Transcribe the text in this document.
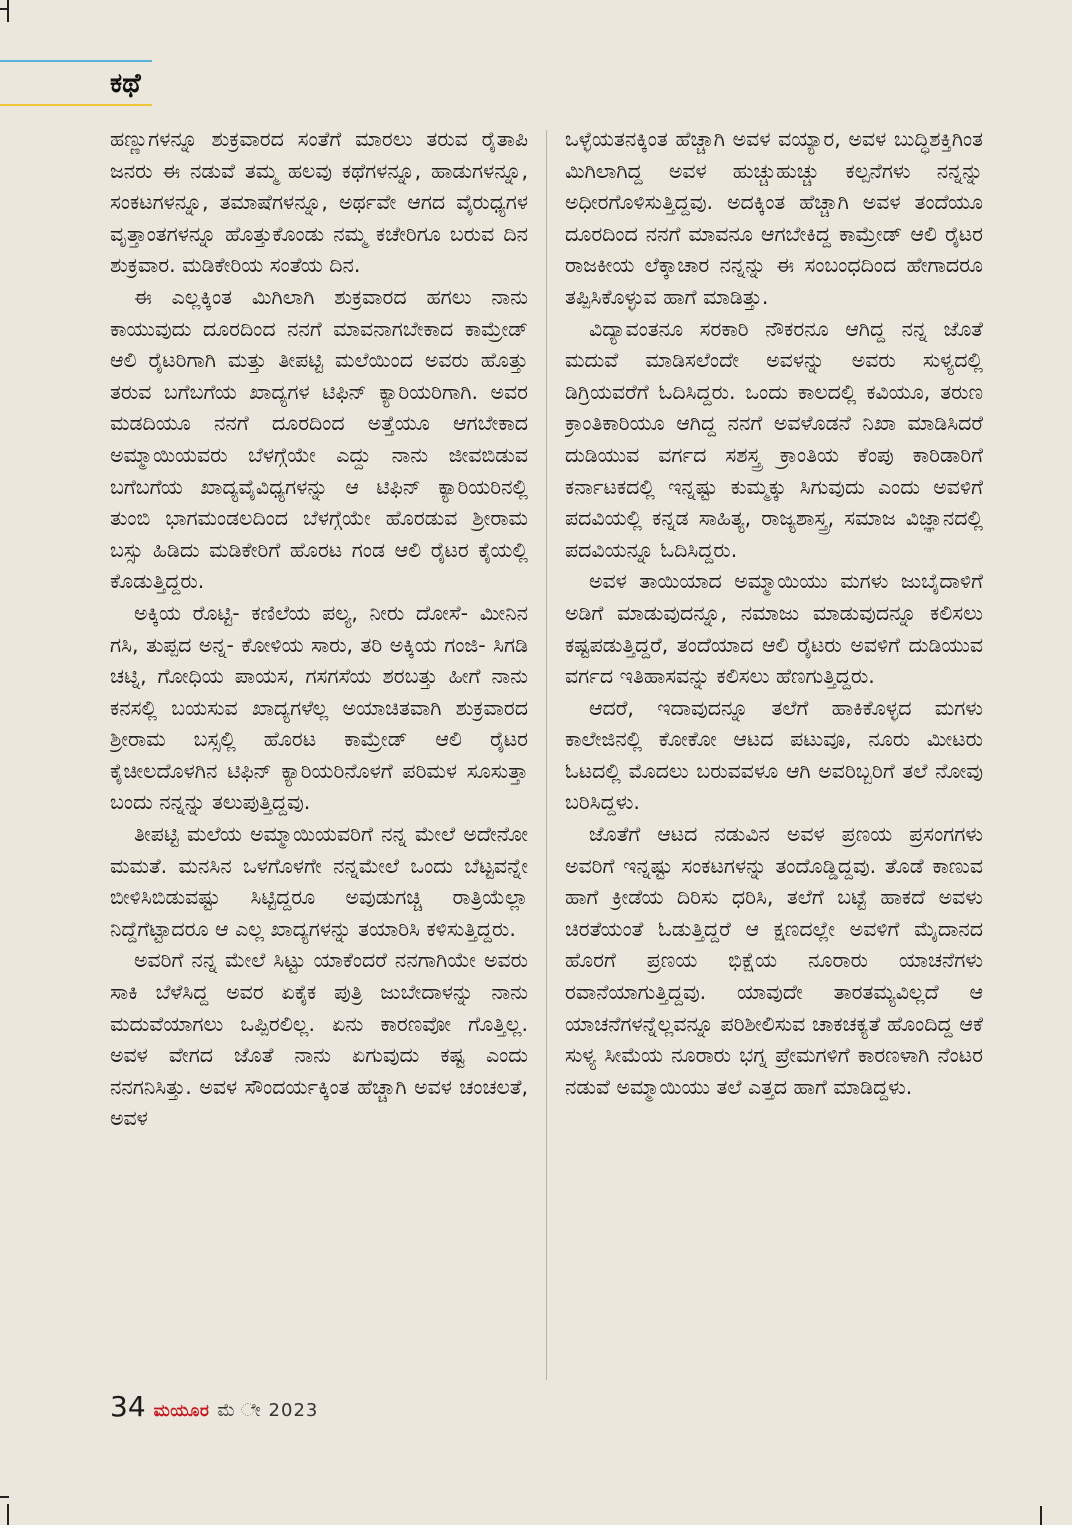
ಕಥೆ

ಹಣ್ಣುಗಳನ್ನೂ ಶುಕ್ರವಾರದ ಸಂತೆಗೆ ಮಾರಲು ತರುವ ರೈತಾಪಿ ಜನರು ಈ ನಡುವೆ ತಮ್ಮ ಹಲವು ಕಥೆಗಳನ್ನೂ, ಹಾಡುಗಳನ್ನೂ, ಸಂಕಟಗಳನ್ನೂ, ತಮಾಷೆಗಳನ್ನೂ, ಅರ್ಥವೇ ಆಗದ ವೈರುಧ್ಯಗಳ ವೃತ್ತಾಂತಗಳನ್ನೂ ಹೊತ್ತುಕೊಂಡು ನಮ್ಮ ಕಚೇರಿಗೂ ಬರುವ ದಿನ ಶುಕ್ರವಾರ. ಮಡಿಕೇರಿಯ ಸಂತೆಯ ದಿನ.

ಈ ಎಲ್ಲಕ್ಕಿಂತ ಮಿಗಿಲಾಗಿ ಶುಕ್ರವಾರದ ಹಗಲು ನಾನು ಕಾಯುವುದು ದೂರದಿಂದ ನನಗೆ ಮಾವನಾಗಬೇಕಾದ ಕಾಮ್ರೇಡ್ ಆಲಿ ರೈಟರಿಗಾಗಿ ಮತ್ತು ತೀಪಟ್ಟಿ ಮಲೆಯಿಂದ ಅವರು ಹೊತ್ತು ತರುವ ಬಗೆಬಗೆಯ ಖಾದ್ಯಗಳ ಟಿಫಿನ್ ಕ್ಯಾರಿಯರಿಗಾಗಿ. ಅವರ ಮಡದಿಯೂ ನನಗೆ ದೂರದಿಂದ ಅತ್ತೆಯೂ ಆಗಬೇಕಾದ ಅಮ್ಮಾಯಿಯವರು ಬೆಳಗ್ಗೆಯೇ ಎದ್ದು ನಾನು ಜೀವಬಿಡುವ ಬಗೆಬಗೆಯ ಖಾದ್ಯವೈವಿಧ್ಯಗಳನ್ನು ಆ ಟಿಫಿನ್ ಕ್ಯಾರಿಯರಿನಲ್ಲಿ ತುಂಬಿ ಭಾಗಮಂಡಲದಿಂದ ಬೆಳಗ್ಗೆಯೇ ಹೊರಡುವ ಶ್ರೀರಾಮ ಬಸ್ಸು ಹಿಡಿದು ಮಡಿಕೇರಿಗೆ ಹೊರಟ ಗಂಡ ಆಲಿ ರೈಟರ ಕೈಯಲ್ಲಿ ಕೊಡುತ್ತಿದ್ದರು.

ಅಕ್ಕಿಯ ರೊಟ್ಟಿ- ಕಣಿಲೆಯ ಪಲ್ಯ, ನೀರು ದೋಸೆ- ಮೀನಿನ ಗಸಿ, ತುಪ್ಪದ ಅನ್ನ- ಕೋಳಿಯ ಸಾರು, ತರಿ ಅಕ್ಕಿಯ ಗಂಜಿ- ಸಿಗಡಿ ಚಟ್ನಿ, ಗೋಧಿಯ ಪಾಯಸ, ಗಸಗಸೆಯ ಶರಬತ್ತು ಹೀಗೆ ನಾನು ಕನಸಲ್ಲಿ ಬಯಸುವ ಖಾದ್ಯಗಳೆಲ್ಲ ಅಯಾಚಿತವಾಗಿ ಶುಕ್ರವಾರದ ಶ್ರೀರಾಮ ಬಸ್ಸಲ್ಲಿ ಹೊರಟ ಕಾಮ್ರೇಡ್ ಆಲಿ ರೈಟರ ಕೈಚೀಲದೊಳಗಿನ ಟಿಫಿನ್ ಕ್ಯಾರಿಯರಿನೊಳಗೆ ಪರಿಮಳ ಸೂಸುತ್ತಾ ಬಂದು ನನ್ನನ್ನು ತಲುಪುತ್ತಿದ್ದವು.

ತೀಪಟ್ಟಿ ಮಲೆಯ ಅಮ್ಮಾಯಿಯವರಿಗೆ ನನ್ನ ಮೇಲೆ ಅದೇನೋ ಮಮತೆ. ಮನಸಿನ ಒಳಗೊಳಗೇ ನನ್ನಮೇಲೆ ಒಂದು ಬೆಟ್ಟವನ್ನೇ ಬೀಳಿಸಿಬಿಡುವಷ್ಟು ಸಿಟ್ಟಿದ್ದರೂ ಅವುಡುಗಚ್ಚಿ ರಾತ್ರಿಯೆಲ್ಲಾ ನಿದ್ದೆಗೆಟ್ಟಾದರೂ ಆ ಎಲ್ಲ ಖಾದ್ಯಗಳನ್ನು ತಯಾರಿಸಿ ಕಳಿಸುತ್ತಿದ್ದರು.

ಅವರಿಗೆ ನನ್ನ ಮೇಲೆ ಸಿಟ್ಟು ಯಾಕೆಂದರೆ ನನಗಾಗಿಯೇ ಅವರು ಸಾಕಿ ಬೆಳೆಸಿದ್ದ ಅವರ ಏಕೈಕ ಪುತ್ರಿ ಜುಬೇದಾಳನ್ನು ನಾನು ಮದುವೆಯಾಗಲು ಒಪ್ಪಿರಲಿಲ್ಲ. ಏನು ಕಾರಣವೋ ಗೊತ್ತಿಲ್ಲ. ಅವಳ ವೇಗದ ಜೊತೆ ನಾನು ಏಗುವುದು ಕಷ್ಟ ಎಂದು ನನಗನಿಸಿತ್ತು. ಅವಳ ಸೌಂದರ್ಯಕ್ಕಿಂತ ಹೆಚ್ಚಾಗಿ ಅವಳ ಚಂಚಲತೆ, ಅವಳ

ಒಳ್ಳೆಯತನಕ್ಕಿಂತ ಹೆಚ್ಚಾಗಿ ಅವಳ ವಯ್ಯಾರ, ಅವಳ ಬುದ್ಧಿಶಕ್ತಿಗಿಂತ ಮಿಗಿಲಾಗಿದ್ದ ಅವಳ ಹುಚ್ಚುಹುಚ್ಚು ಕಲ್ಪನೆಗಳು ನನ್ನನ್ನು ಅಧೀರಗೊಳಿಸುತ್ತಿದ್ದವು. ಅದಕ್ಕಿಂತ ಹೆಚ್ಚಾಗಿ ಅವಳ ತಂದೆಯೂ ದೂರದಿಂದ ನನಗೆ ಮಾವನೂ ಆಗಬೇಕಿದ್ದ ಕಾಮ್ರೇಡ್ ಆಲಿ ರೈಟರ ರಾಜಕೀಯ ಲೆಕ್ಕಾಚಾರ ನನ್ನನ್ನು ಈ ಸಂಬಂಧದಿಂದ ಹೇಗಾದರೂ ತಪ್ಪಿಸಿಕೊಳ್ಳುವ ಹಾಗೆ ಮಾಡಿತ್ತು.

ವಿದ್ಯಾವಂತನೂ ಸರಕಾರಿ ನೌಕರನೂ ಆಗಿದ್ದ ನನ್ನ ಜೊತೆ ಮದುವೆ ಮಾಡಿಸಲೆಂದೇ ಅವಳನ್ನು ಅವರು ಸುಳ್ಯದಲ್ಲಿ ಡಿಗ್ರಿಯವರೆಗೆ ಓದಿಸಿದ್ದರು. ಒಂದು ಕಾಲದಲ್ಲಿ ಕವಿಯೂ, ತರುಣ ಕ್ರಾಂತಿಕಾರಿಯೂ ಆಗಿದ್ದ ನನಗೆ ಅವಳೊಡನೆ ನಿಖಾ ಮಾಡಿಸಿದರೆ ದುಡಿಯುವ ವರ್ಗದ ಸಶಸ್ತ್ರ ಕ್ರಾಂತಿಯ ಕೆಂಪು ಕಾರಿಡಾರಿಗೆ ಕರ್ನಾಟಕದಲ್ಲಿ ಇನ್ನಷ್ಟು ಕುಮ್ಮಕ್ಕು ಸಿಗುವುದು ಎಂದು ಅವಳಿಗೆ ಪದವಿಯಲ್ಲಿ ಕನ್ನಡ ಸಾಹಿತ್ಯ, ರಾಜ್ಯಶಾಸ್ತ್ರ, ಸಮಾಜ ವಿಜ್ಞಾನದಲ್ಲಿ ಪದವಿಯನ್ನೂ ಓದಿಸಿದ್ದರು.

ಅವಳ ತಾಯಿಯಾದ ಅಮ್ಮಾಯಿಯು ಮಗಳು ಜುಬೈದಾಳಿಗೆ ಅಡಿಗೆ ಮಾಡುವುದನ್ನೂ, ನಮಾಜು ಮಾಡುವುದನ್ನೂ ಕಲಿಸಲು ಕಷ್ಟಪಡುತ್ತಿದ್ದರೆ, ತಂದೆಯಾದ ಆಲಿ ರೈಟರು ಅವಳಿಗೆ ದುಡಿಯುವ ವರ್ಗದ ಇತಿಹಾಸವನ್ನು ಕಲಿಸಲು ಹೆಣಗುತ್ತಿದ್ದರು.

ಆದರೆ, ಇದಾವುದನ್ನೂ ತಲೆಗೆ ಹಾಕಿಕೊಳ್ಳದ ಮಗಳು ಕಾಲೇಜಿನಲ್ಲಿ ಕೋಕೋ ಆಟದ ಪಟುವೂ, ನೂರು ಮೀಟರು ಓಟದಲ್ಲಿ ಮೊದಲು ಬರುವವಳೂ ಆಗಿ ಅವರಿಬ್ಬರಿಗೆ ತಲೆ ನೋವು ಬರಿಸಿದ್ದಳು.

ಜೊತೆಗೆ ಆಟದ ನಡುವಿನ ಅವಳ ಪ್ರಣಯ ಪ್ರಸಂಗಗಳು ಅವರಿಗೆ ಇನ್ನಷ್ಟು ಸಂಕಟಗಳನ್ನು ತಂದೊಡ್ಡಿದ್ದವು. ತೊಡೆ ಕಾಣುವ ಹಾಗೆ ಕ್ರೀಡೆಯ ದಿರಿಸು ಧರಿಸಿ, ತಲೆಗೆ ಬಟ್ಟೆ ಹಾಕದೆ ಅವಳು ಚಿರತೆಯಂತೆ ಓಡುತ್ತಿದ್ದರೆ ಆ ಕ್ಷಣದಲ್ಲೇ ಅವಳಿಗೆ ಮೈದಾನದ ಹೊರಗೆ ಪ್ರಣಯ ಭಿಕ್ಷೆಯ ನೂರಾರು ಯಾಚನೆಗಳು ರವಾನೆಯಾಗುತ್ತಿದ್ದವು. ಯಾವುದೇ ತಾರತಮ್ಯವಿಲ್ಲದೆ ಆ ಯಾಚನೆಗಳನ್ನೆಲ್ಲವನ್ನೂ ಪರಿಶೀಲಿಸುವ ಚಾಕಚಕ್ಯತೆ ಹೊಂದಿದ್ದ ಆಕೆ ಸುಳ್ಯ ಸೀಮೆಯ ನೂರಾರು ಭಗ್ನ ಪ್ರೇಮಗಳಿಗೆ ಕಾರಣಳಾಗಿ ನೆಂಟರ ನಡುವೆ ಅಮ್ಮಾಯಿಯು ತಲೆ ಎತ್ತದ ಹಾಗೆ ಮಾಡಿದ್ದಳು.

34 ಮಯೂರ ಮೆ ೇ 2023
